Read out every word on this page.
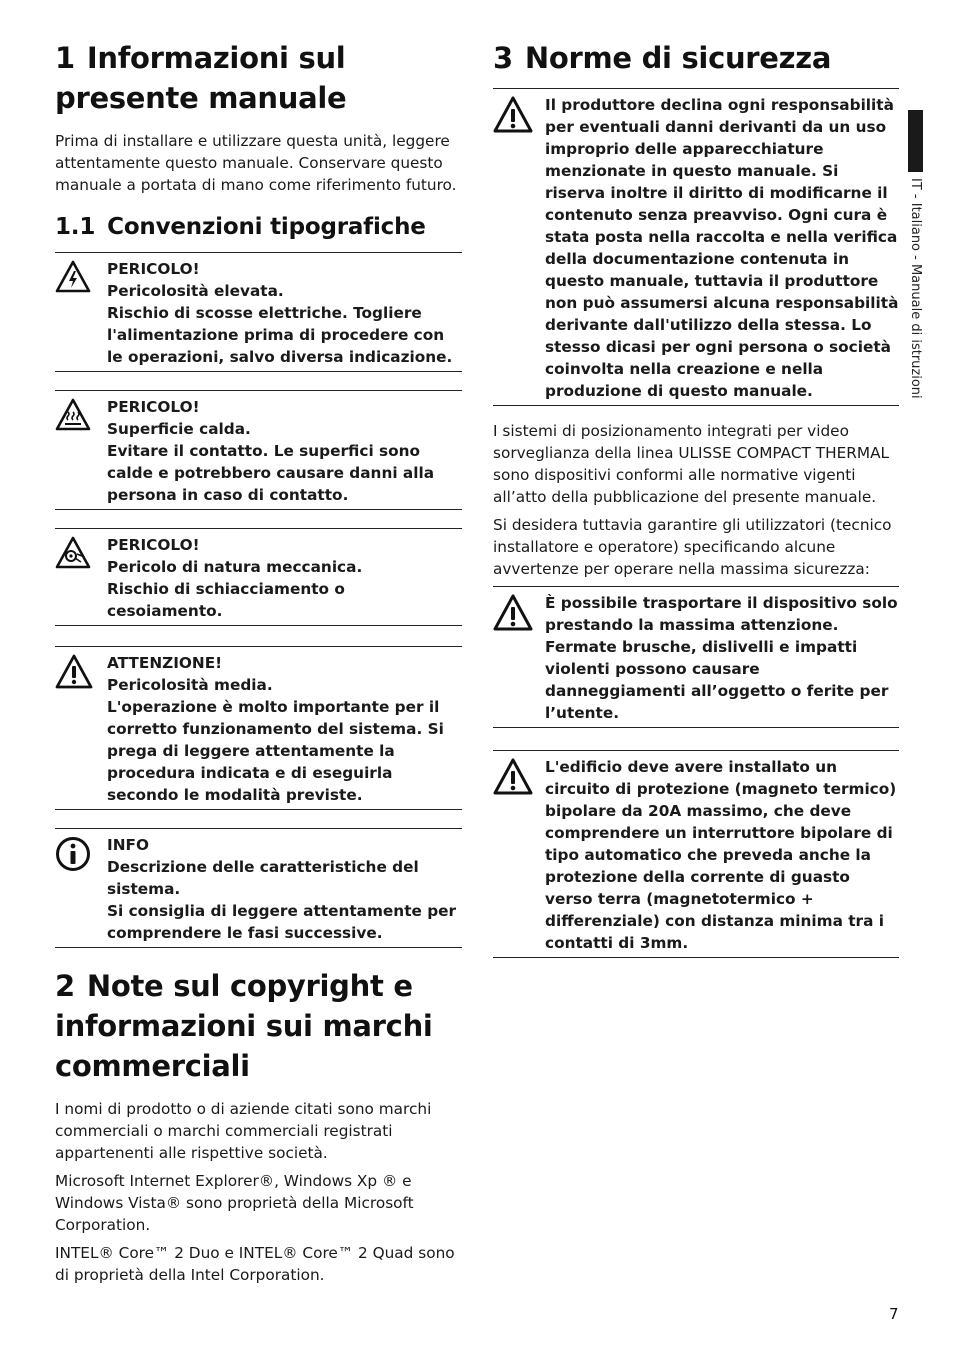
1 Informazioni sul presente manuale

Prima di installare e utilizzare questa unità, leggere attentamente questo manuale. Conservare questo manuale a portata di mano come riferimento futuro.

1.1 Convenzioni tipografiche
PERICOLO!
Pericolosità elevata.
Rischio di scosse elettriche. Togliere l'alimentazione prima di procedere con le operazioni, salvo diversa indicazione.
PERICOLO!
Superficie calda.
Evitare il contatto. Le superfici sono calde e potrebbero causare danni alla persona in caso di contatto.
PERICOLO!
Pericolo di natura meccanica.
Rischio di schiacciamento o cesoiamento.
ATTENZIONE!
Pericolosità media.
L'operazione è molto importante per il corretto funzionamento del sistema. Si prega di leggere attentamente la procedura indicata e di eseguirla secondo le modalità previste.
INFO
Descrizione delle caratteristiche del sistema.
Si consiglia di leggere attentamente per comprendere le fasi successive.
2 Note sul copyright e informazioni sui marchi commerciali

I nomi di prodotto o di aziende citati sono marchi commerciali o marchi commerciali registrati appartenenti alle rispettive società.

Microsoft Internet Explorer®, Windows Xp ® e Windows Vista® sono proprietà della Microsoft Corporation.

INTEL® Core™ 2 Duo e INTEL® Core™ 2 Quad sono di proprietà della Intel Corporation.

3 Norme di sicurezza
Il produttore declina ogni responsabilità per eventuali danni derivanti da un uso improprio delle apparecchiature menzionate in questo manuale. Si riserva inoltre il diritto di modificarne il contenuto senza preavviso. Ogni cura è stata posta nella raccolta e nella verifica della documentazione contenuta in questo manuale, tuttavia il produttore non può assumersi alcuna responsabilità derivante dall'utilizzo della stessa. Lo stesso dicasi per ogni persona o società coinvolta nella creazione e nella produzione di questo manuale.

I sistemi di posizionamento integrati per video sorveglianza della linea ULISSE COMPACT THERMAL sono dispositivi conformi alle normative vigenti all’atto della pubblicazione del presente manuale.

Si desidera tuttavia garantire gli utilizzatori (tecnico installatore e operatore) specificando alcune avvertenze per operare nella massima sicurezza:

È possibile trasportare il dispositivo solo prestando la massima attenzione. Fermate brusche, dislivelli e impatti violenti possono causare danneggiamenti all’oggetto o ferite per l’utente.
L'edificio deve avere installato un circuito di protezione (magneto termico) bipolare da 20A massimo, che deve comprendere un interruttore bipolare di tipo automatico che preveda anche la protezione della corrente di guasto verso terra (magnetotermico + differenziale) con distanza minima tra i contatti di 3mm.
IT - Italiano - Manuale di istruzioni
7
